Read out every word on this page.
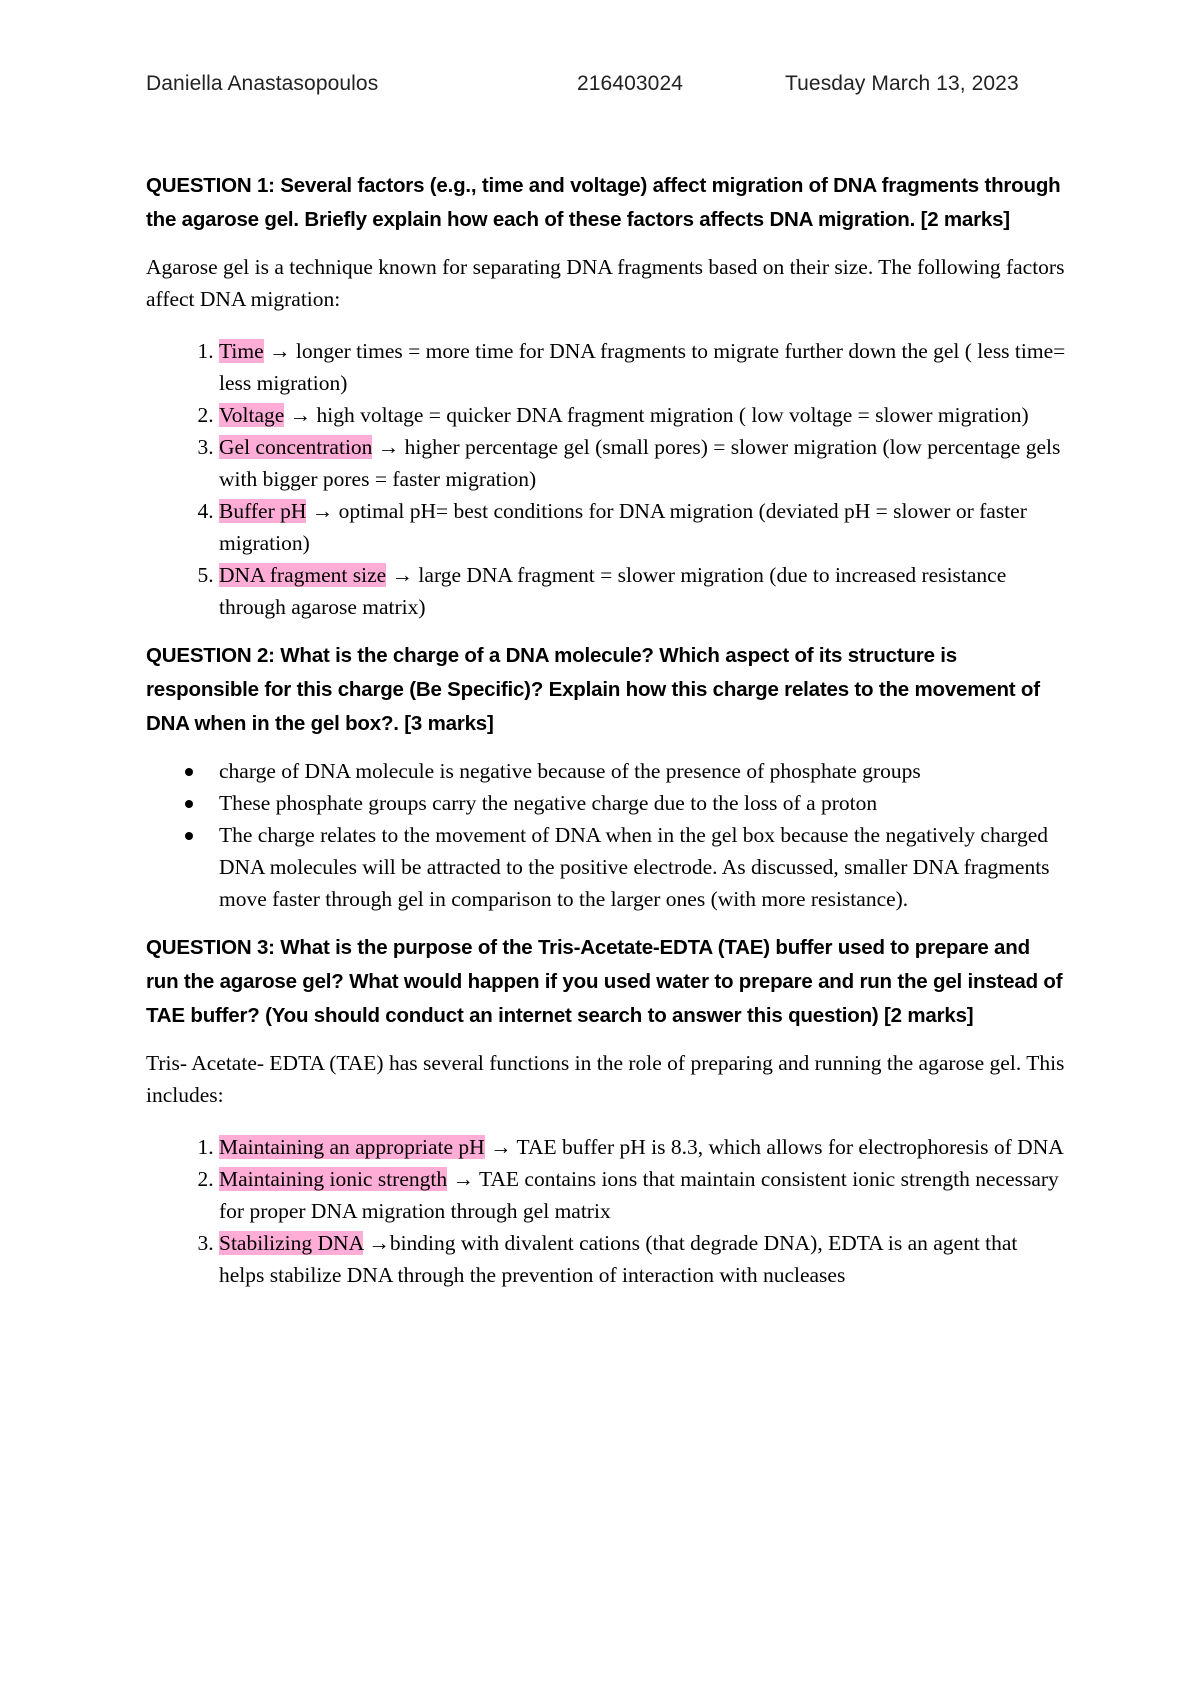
Daniella Anastasopoulos	216403024	Tuesday March 13, 2023

QUESTION 1: Several factors (e.g., time and voltage) affect migration of DNA fragments through the agarose gel. Briefly explain how each of these factors affects DNA migration. [2 marks]

Agarose gel is a technique known for separating DNA fragments based on their size. The following factors affect DNA migration:

1. Time → longer times = more time for DNA fragments to migrate further down the gel ( less time= less migration)
2. Voltage → high voltage = quicker DNA fragment migration ( low voltage = slower migration)
3. Gel concentration → higher percentage gel (small pores) = slower migration (low percentage gels with bigger pores = faster migration)
4. Buffer pH → optimal pH= best conditions for DNA migration (deviated pH = slower or faster migration)
5. DNA fragment size → large DNA fragment = slower migration (due to increased resistance through agarose matrix)

QUESTION 2: What is the charge of a DNA molecule? Which aspect of its structure is responsible for this charge (Be Specific)? Explain how this charge relates to the movement of DNA when in the gel box?. [3 marks]

charge of DNA molecule is negative because of the presence of phosphate groups
These phosphate groups carry the negative charge due to the loss of a proton
The charge relates to the movement of DNA when in the gel box because the negatively charged DNA molecules will be attracted to the positive electrode. As discussed, smaller DNA fragments move faster through gel in comparison to the larger ones (with more resistance).

QUESTION 3: What is the purpose of the Tris-Acetate-EDTA (TAE) buffer used to prepare and run the agarose gel? What would happen if you used water to prepare and run the gel instead of TAE buffer? (You should conduct an internet search to answer this question) [2 marks]

Tris- Acetate- EDTA (TAE) has several functions in the role of preparing and running the agarose gel. This includes:

1. Maintaining an appropriate pH → TAE buffer pH is 8.3, which allows for electrophoresis of DNA
2. Maintaining ionic strength → TAE contains ions that maintain consistent ionic strength necessary for proper DNA migration through gel matrix
3. Stabilizing DNA →binding with divalent cations (that degrade DNA), EDTA is an agent that helps stabilize DNA through the prevention of interaction with nucleases
